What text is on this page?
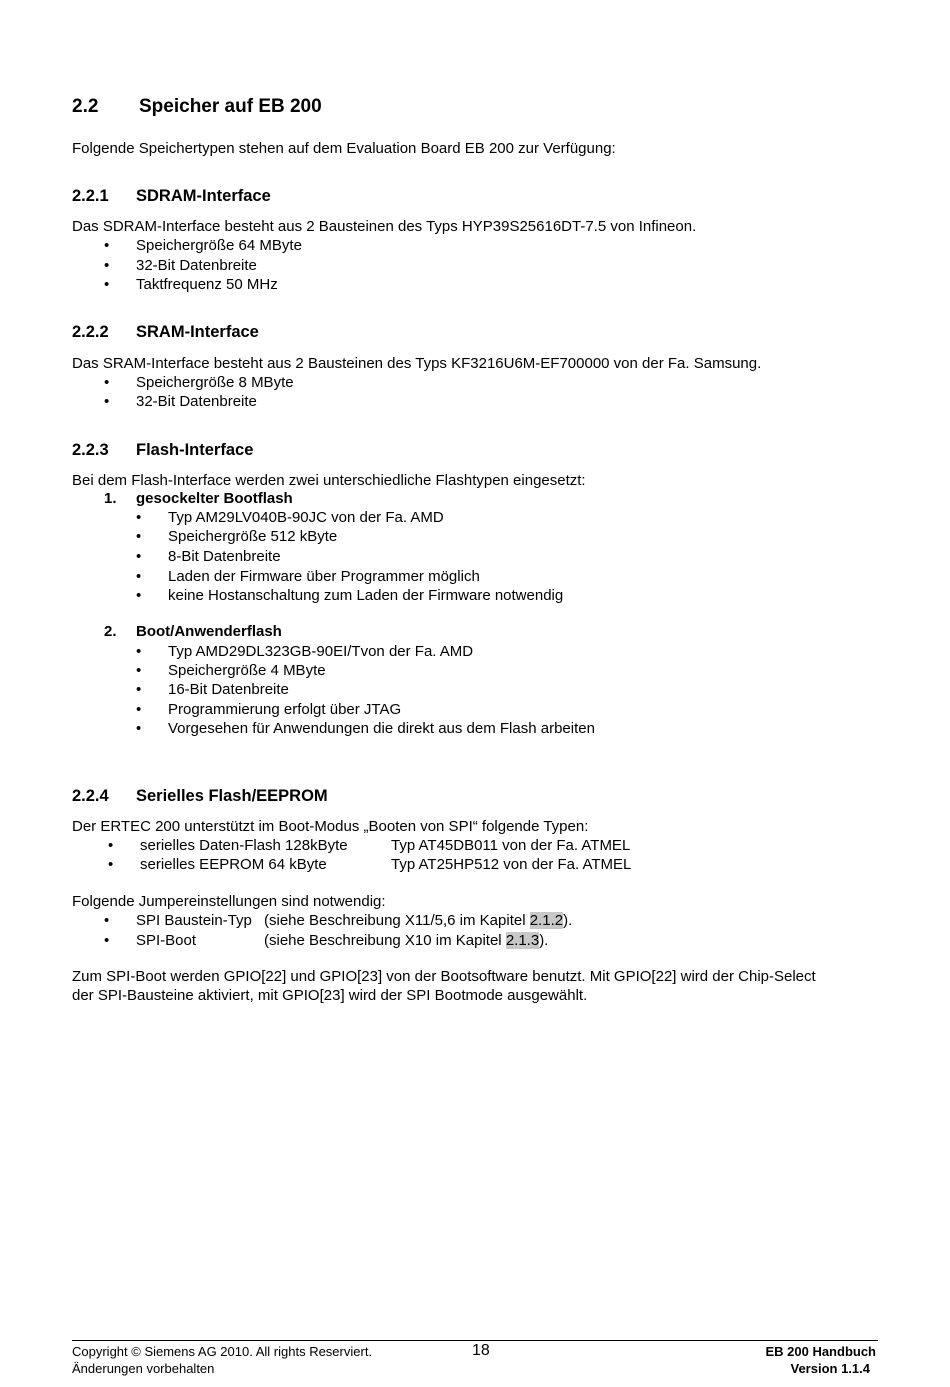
2.2 Speicher auf EB 200
Folgende Speichertypen stehen auf dem Evaluation Board EB 200 zur Verfügung:
2.2.1 SDRAM-Interface
Das SDRAM-Interface besteht aus 2 Bausteinen des Typs HYP39S25616DT-7.5 von Infineon.
• Speichergröße 64 MByte
• 32-Bit Datenbreite
• Taktfrequenz 50 MHz
2.2.2 SRAM-Interface
Das SRAM-Interface besteht aus 2 Bausteinen des Typs KF3216U6M-EF700000 von der Fa. Samsung.
• Speichergröße 8 MByte
• 32-Bit Datenbreite
2.2.3 Flash-Interface
Bei dem Flash-Interface werden zwei unterschiedliche Flashtypen eingesetzt:
1. gesockelter Bootflash
• Typ AM29LV040B-90JC von der Fa. AMD
• Speichergröße 512 kByte
• 8-Bit Datenbreite
• Laden der Firmware über Programmer möglich
• keine Hostanschaltung zum Laden der Firmware notwendig
2. Boot/Anwenderflash
• Typ AMD29DL323GB-90EI/Tvon der Fa. AMD
• Speichergröße 4 MByte
• 16-Bit Datenbreite
• Programmierung erfolgt über JTAG
• Vorgesehen für Anwendungen die direkt aus dem Flash arbeiten
2.2.4 Serielles Flash/EEPROM
Der ERTEC 200 unterstützt im Boot-Modus „Booten von SPI“ folgende Typen:
• serielles Daten-Flash 128kByte	Typ AT45DB011 von der Fa. ATMEL
• serielles EEPROM 64 kByte	Typ AT25HP512 von der Fa. ATMEL
Folgende Jumpereinstellungen sind notwendig:
• SPI Baustein-Typ (siehe Beschreibung X11/5,6 im Kapitel 2.1.2).
• SPI-Boot	(siehe Beschreibung X10 im Kapitel 2.1.3).
Zum SPI-Boot werden GPIO[22] und GPIO[23] von der Bootsoftware benutzt. Mit GPIO[22] wird der Chip-Select
der SPI-Bausteine aktiviert, mit GPIO[23] wird der SPI Bootmode ausgewählt.
Copyright © Siemens AG 2010. All rights Reserviert.
Änderungen vorbehalten
18	EB 200 Handbuch
Version 1.1.4
